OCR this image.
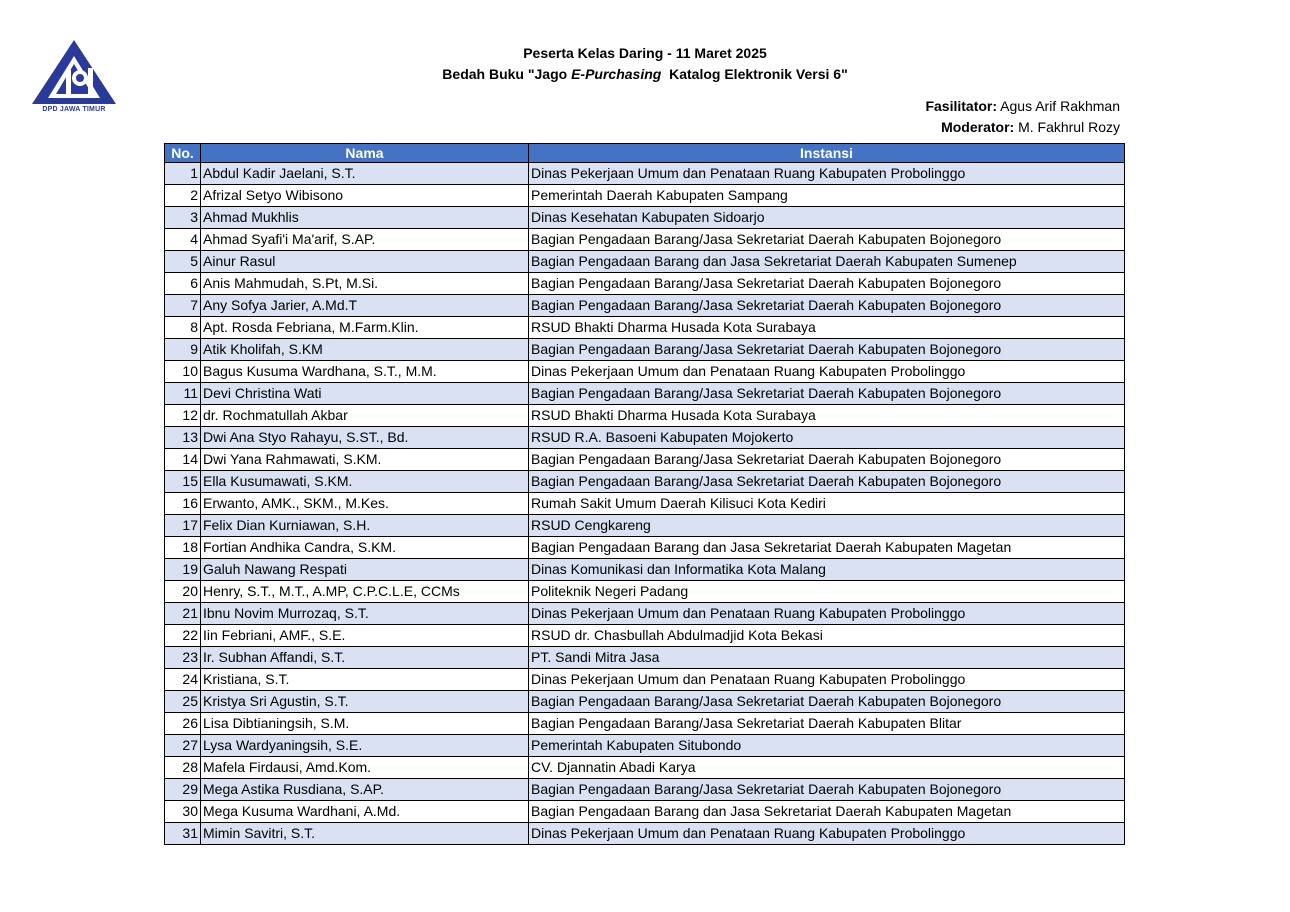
DPD JAWA TIMUR
Peserta Kelas Daring - 11 Maret 2025
Bedah Buku "Jago E-Purchasing  Katalog Elektronik Versi 6"
Fasilitator: Agus Arif Rakhman
Moderator: M. Fakhrul Rozy
No.	Nama	Instansi
1	Abdul Kadir Jaelani, S.T.	Dinas Pekerjaan Umum dan Penataan Ruang Kabupaten Probolinggo
2	Afrizal Setyo Wibisono	Pemerintah Daerah Kabupaten Sampang
3	Ahmad Mukhlis	Dinas Kesehatan Kabupaten Sidoarjo
4	Ahmad Syafi'i Ma'arif, S.AP.	Bagian Pengadaan Barang/Jasa Sekretariat Daerah Kabupaten Bojonegoro
5	Ainur Rasul	Bagian Pengadaan Barang dan Jasa Sekretariat Daerah Kabupaten Sumenep
6	Anis Mahmudah, S.Pt, M.Si.	Bagian Pengadaan Barang/Jasa Sekretariat Daerah Kabupaten Bojonegoro
7	Any Sofya Jarier, A.Md.T	Bagian Pengadaan Barang/Jasa Sekretariat Daerah Kabupaten Bojonegoro
8	Apt. Rosda Febriana, M.Farm.Klin.	RSUD Bhakti Dharma Husada Kota Surabaya
9	Atik Kholifah, S.KM	Bagian Pengadaan Barang/Jasa Sekretariat Daerah Kabupaten Bojonegoro
10	Bagus Kusuma Wardhana, S.T., M.M.	Dinas Pekerjaan Umum dan Penataan Ruang Kabupaten Probolinggo
11	Devi Christina Wati	Bagian Pengadaan Barang/Jasa Sekretariat Daerah Kabupaten Bojonegoro
12	dr. Rochmatullah Akbar	RSUD Bhakti Dharma Husada Kota Surabaya
13	Dwi Ana Styo Rahayu, S.ST., Bd.	RSUD R.A. Basoeni Kabupaten Mojokerto
14	Dwi Yana Rahmawati, S.KM.	Bagian Pengadaan Barang/Jasa Sekretariat Daerah Kabupaten Bojonegoro
15	Ella Kusumawati, S.KM.	Bagian Pengadaan Barang/Jasa Sekretariat Daerah Kabupaten Bojonegoro
16	Erwanto, AMK., SKM., M.Kes.	Rumah Sakit Umum Daerah Kilisuci Kota Kediri
17	Felix Dian Kurniawan, S.H.	RSUD Cengkareng
18	Fortian Andhika Candra, S.KM.	Bagian Pengadaan Barang dan Jasa Sekretariat Daerah Kabupaten Magetan
19	Galuh Nawang Respati	Dinas Komunikasi dan Informatika Kota Malang
20	Henry, S.T., M.T., A.MP, C.P.C.L.E, CCMs	Politeknik Negeri Padang
21	Ibnu Novim Murrozaq, S.T.	Dinas Pekerjaan Umum dan Penataan Ruang Kabupaten Probolinggo
22	Iin Febriani, AMF., S.E.	RSUD dr. Chasbullah Abdulmadjid Kota Bekasi
23	Ir. Subhan Affandi, S.T.	PT. Sandi Mitra Jasa
24	Kristiana, S.T.	Dinas Pekerjaan Umum dan Penataan Ruang Kabupaten Probolinggo
25	Kristya Sri Agustin, S.T.	Bagian Pengadaan Barang/Jasa Sekretariat Daerah Kabupaten Bojonegoro
26	Lisa Dibtianingsih, S.M.	Bagian Pengadaan Barang/Jasa Sekretariat Daerah Kabupaten Blitar
27	Lysa Wardyaningsih, S.E.	Pemerintah Kabupaten Situbondo
28	Mafela Firdausi, Amd.Kom.	CV. Djannatin Abadi Karya
29	Mega Astika Rusdiana, S.AP.	Bagian Pengadaan Barang/Jasa Sekretariat Daerah Kabupaten Bojonegoro
30	Mega Kusuma Wardhani, A.Md.	Bagian Pengadaan Barang dan Jasa Sekretariat Daerah Kabupaten Magetan
31	Mimin Savitri, S.T.	Dinas Pekerjaan Umum dan Penataan Ruang Kabupaten Probolinggo
